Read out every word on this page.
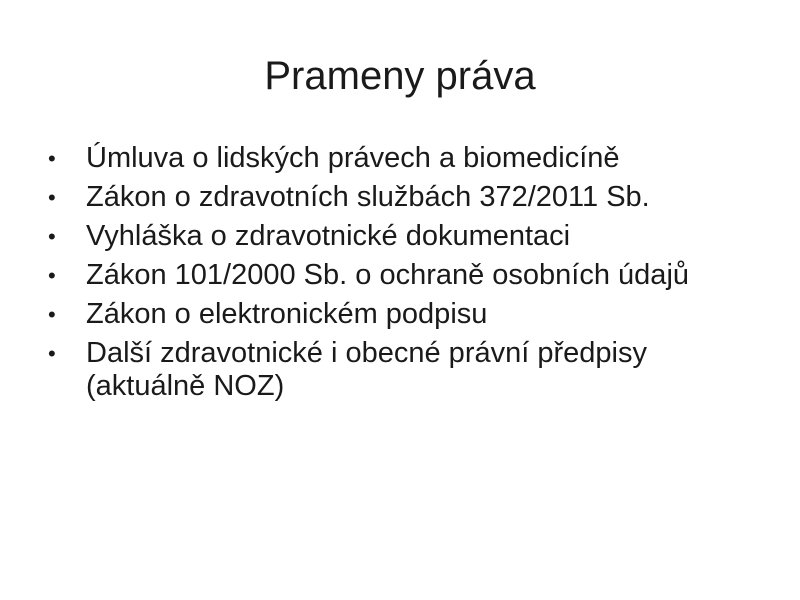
Prameny práva
• Úmluva o lidských právech a biomedicíně
• Zákon o zdravotních službách 372/2011 Sb.
• Vyhláška o zdravotnické dokumentaci
• Zákon 101/2000 Sb. o ochraně osobních údajů
• Zákon o elektronickém podpisu
• Další zdravotnické i obecné právní předpisy (aktuálně NOZ)
